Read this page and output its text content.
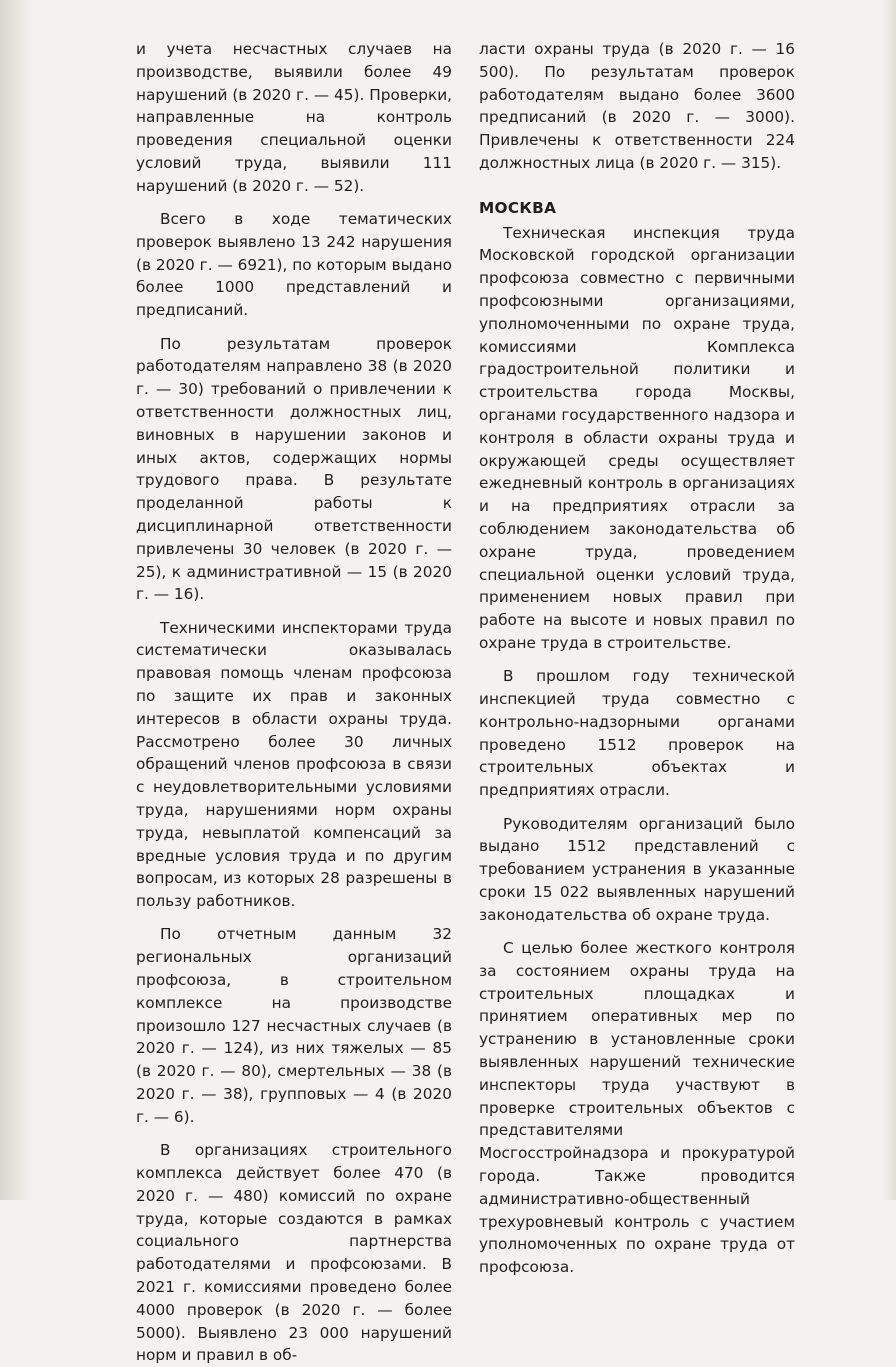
и учета несчастных случаев на производстве, выявили более 49 нарушений (в 2020 г. — 45). Проверки, направленные на контроль проведения специальной оценки условий труда, выявили 111 нарушений (в 2020 г. — 52).

Всего в ходе тематических проверок выявлено 13 242 нарушения (в 2020 г. — 6921), по которым выдано более 1000 представлений и предписаний.

По результатам проверок работодателям направлено 38 (в 2020 г. — 30) требований о привлечении к ответственности должностных лиц, виновных в нарушении законов и иных актов, содержащих нормы трудового права. В результате проделанной работы к дисциплинарной ответственности привлечены 30 человек (в 2020 г. — 25), к административной — 15 (в 2020 г. — 16).

Техническими инспекторами труда систематически оказывалась правовая помощь членам профсоюза по защите их прав и законных интересов в области охраны труда. Рассмотрено более 30 личных обращений членов профсоюза в связи с неудовлетворительными условиями труда, нарушениями норм охраны труда, невыплатой компенсаций за вредные условия труда и по другим вопросам, из которых 28 разрешены в пользу работников.

По отчетным данным 32 региональных организаций профсоюза, в строительном комплексе на производстве произошло 127 несчастных случаев (в 2020 г. — 124), из них тяжелых — 85 (в 2020 г. — 80), смертельных — 38 (в 2020 г. — 38), групповых — 4 (в 2020 г. — 6).

В организациях строительного комплекса действует более 470 (в 2020 г. — 480) комиссий по охране труда, которые создаются в рамках социального партнерства работодателями и профсоюзами. В 2021 г. комиссиями проведено более 4000 проверок (в 2020 г. — более 5000). Выявлено 23 000 нарушений норм и правил в об-

ласти охраны труда (в 2020 г. — 16 500). По результатам проверок работодателям выдано более 3600 предписаний (в 2020 г. — 3000). Привлечены к ответственности 224 должностных лица (в 2020 г. — 315).

МОСКВА

Техническая инспекция труда Московской городской организации профсоюза совместно с первичными профсоюзными организациями, уполномоченными по охране труда, комиссиями Комплекса градостроительной политики и строительства города Москвы, органами государственного надзора и контроля в области охраны труда и окружающей среды осуществляет ежедневный контроль в организациях и на предприятиях отрасли за соблюдением законодательства об охране труда, проведением специальной оценки условий труда, применением новых правил при работе на высоте и новых правил по охране труда в строительстве.

В прошлом году технической инспекцией труда совместно с контрольно-надзорными органами проведено 1512 проверок на строительных объектах и предприятиях отрасли.

Руководителям организаций было выдано 1512 представлений с требованием устранения в указанные сроки 15 022 выявленных нарушений законодательства об охране труда.

С целью более жесткого контроля за состоянием охраны труда на строительных площадках и принятием оперативных мер по устранению в установленные сроки выявленных нарушений технические инспекторы труда участвуют в проверке строительных объектов с представителями Мосгосстройнадзора и прокуратурой города. Также проводится административно-общественный трехуровневый контроль с участием уполномоченных по охране труда от профсоюза.
